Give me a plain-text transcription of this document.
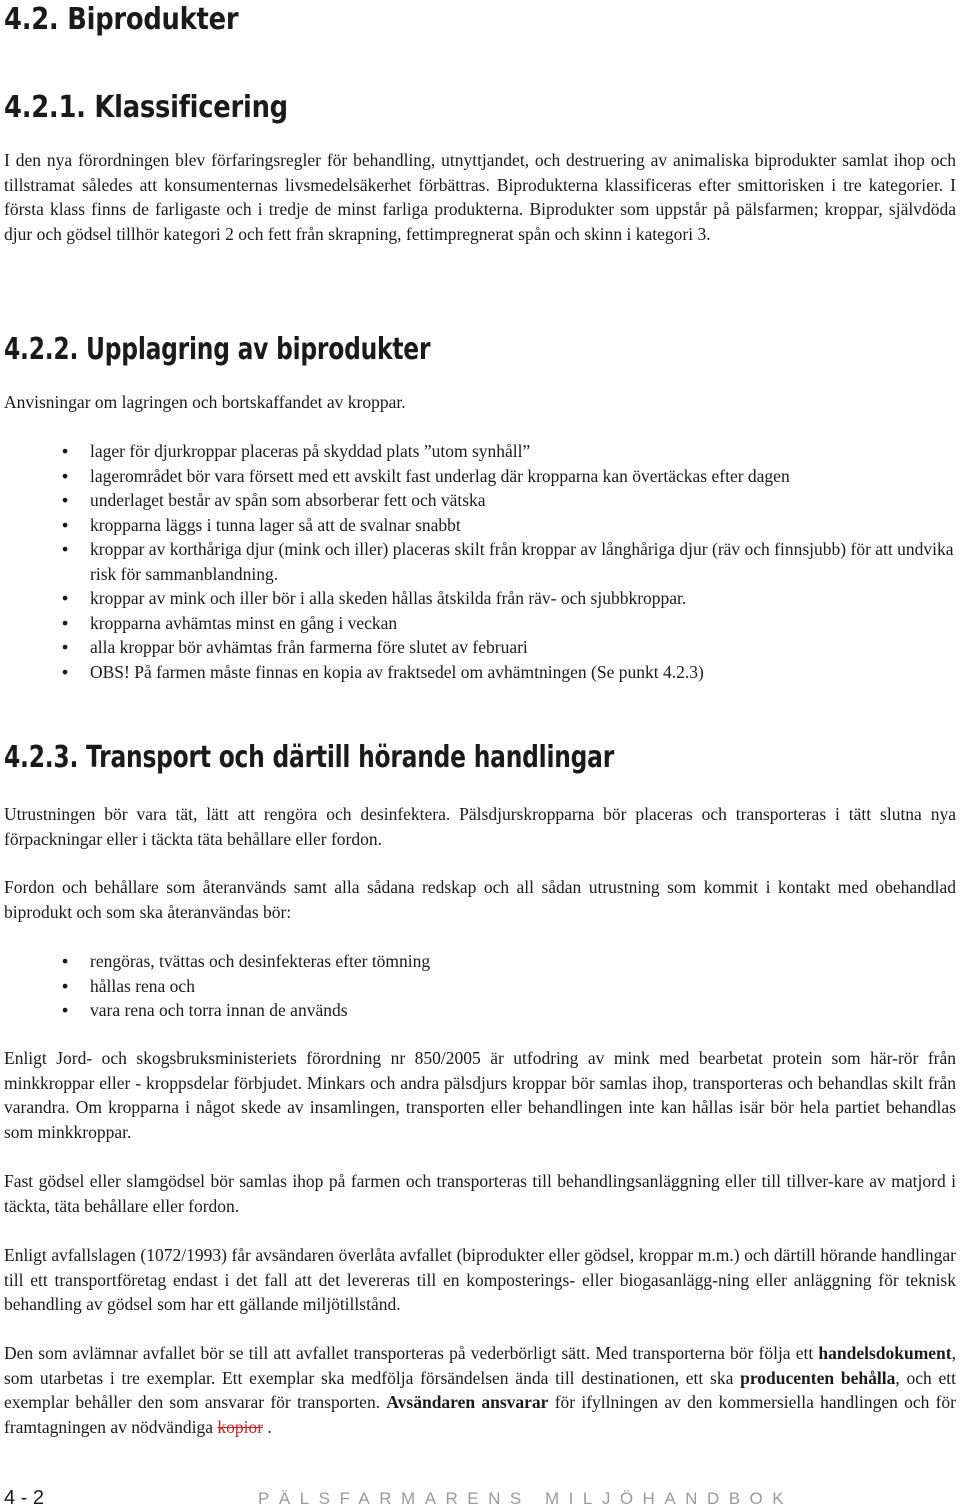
4.2. Biprodukter
4.2.1. Klassificering

I den nya förordningen blev förfaringsregler för behandling, utnyttjandet, och destruering av animaliska biprodukter samlat ihop och tillstramat således att konsumenternas livsmedelsäkerhet förbättras. Biprodukterna klassificeras efter smittorisken i tre kategorier. I första klass finns de farligaste och i tredje de minst farliga produkterna. Biprodukter som uppstår på pälsfarmen; kroppar, självdöda djur och gödsel tillhör kategori 2 och fett från skrapning, fettimpregnerat spån och skinn i kategori 3.

4.2.2. Upplagring av biprodukter

Anvisningar om lagringen och bortskaffandet av kroppar.

• lager för djurkroppar placeras på skyddad plats ”utom synhåll”
• lagerområdet bör vara försett med ett avskilt fast underlag där kropparna kan övertäckas efter dagen
• underlaget består av spån som absorberar fett och vätska
• kropparna läggs i tunna lager så att de svalnar snabbt
• kroppar av korthåriga djur (mink och iller) placeras skilt från kroppar av långhåriga djur (räv och finnsjubb) för att undvika risk för sammanblandning.
• kroppar av mink och iller bör i alla skeden hållas åtskilda från räv- och sjubbkroppar.
• kropparna avhämtas minst en gång i veckan
• alla kroppar bör avhämtas från farmerna före slutet av februari
• OBS! På farmen måste finnas en kopia av fraktsedel om avhämtningen (Se punkt 4.2.3)
4.2.3. Transport och därtill hörande handlingar

Utrustningen bör vara tät, lätt att rengöra och desinfektera. Pälsdjurskropparna bör placeras och transporteras i tätt slutna nya förpackningar eller i täckta täta behållare eller fordon.

Fordon och behållare som återanvänds samt alla sådana redskap och all sådan utrustning som kommit i kontakt med obehandlad biprodukt och som ska återanvändas bör:

• rengöras, tvättas och desinfekteras efter tömning
• hållas rena och
• vara rena och torra innan de används

Enligt Jord- och skogsbruksministeriets förordning nr 850/2005 är utfodring av mink med bearbetat protein som här-rör från minkkroppar eller - kroppsdelar förbjudet. Minkars och andra pälsdjurs kroppar bör samlas ihop, transporteras och behandlas skilt från varandra. Om kropparna i något skede av insamlingen, transporten eller behandlingen inte kan hållas isär bör hela partiet behandlas som minkkroppar.

Fast gödsel eller slamgödsel bör samlas ihop på farmen och transporteras till behandlingsanläggning eller till tillver-kare av matjord i täckta, täta behållare eller fordon.

Enligt avfallslagen (1072/1993) får avsändaren överlåta avfallet (biprodukter eller gödsel, kroppar m.m.) och därtill hörande handlingar till ett transportföretag endast i det fall att det levereras till en komposterings- eller biogasanlägg-ning eller anläggning för teknisk behandling av gödsel som har ett gällande miljötillstånd.

Den som avlämnar avfallet bör se till att avfallet transporteras på vederbörligt sätt. Med transporterna bör följa ett handelsdokument, som utarbetas i tre exemplar. Ett exemplar ska medfölja försändelsen ända till destinationen, ett ska producenten behålla, och ett exemplar behåller den som ansvarar för transporten. Avsändaren ansvarar för ifyllningen av den kommersiella handlingen och för framtagningen av nödvändiga kopior .

4 - 2	PÄLSFARMARENS MILJÖHANDBOK
